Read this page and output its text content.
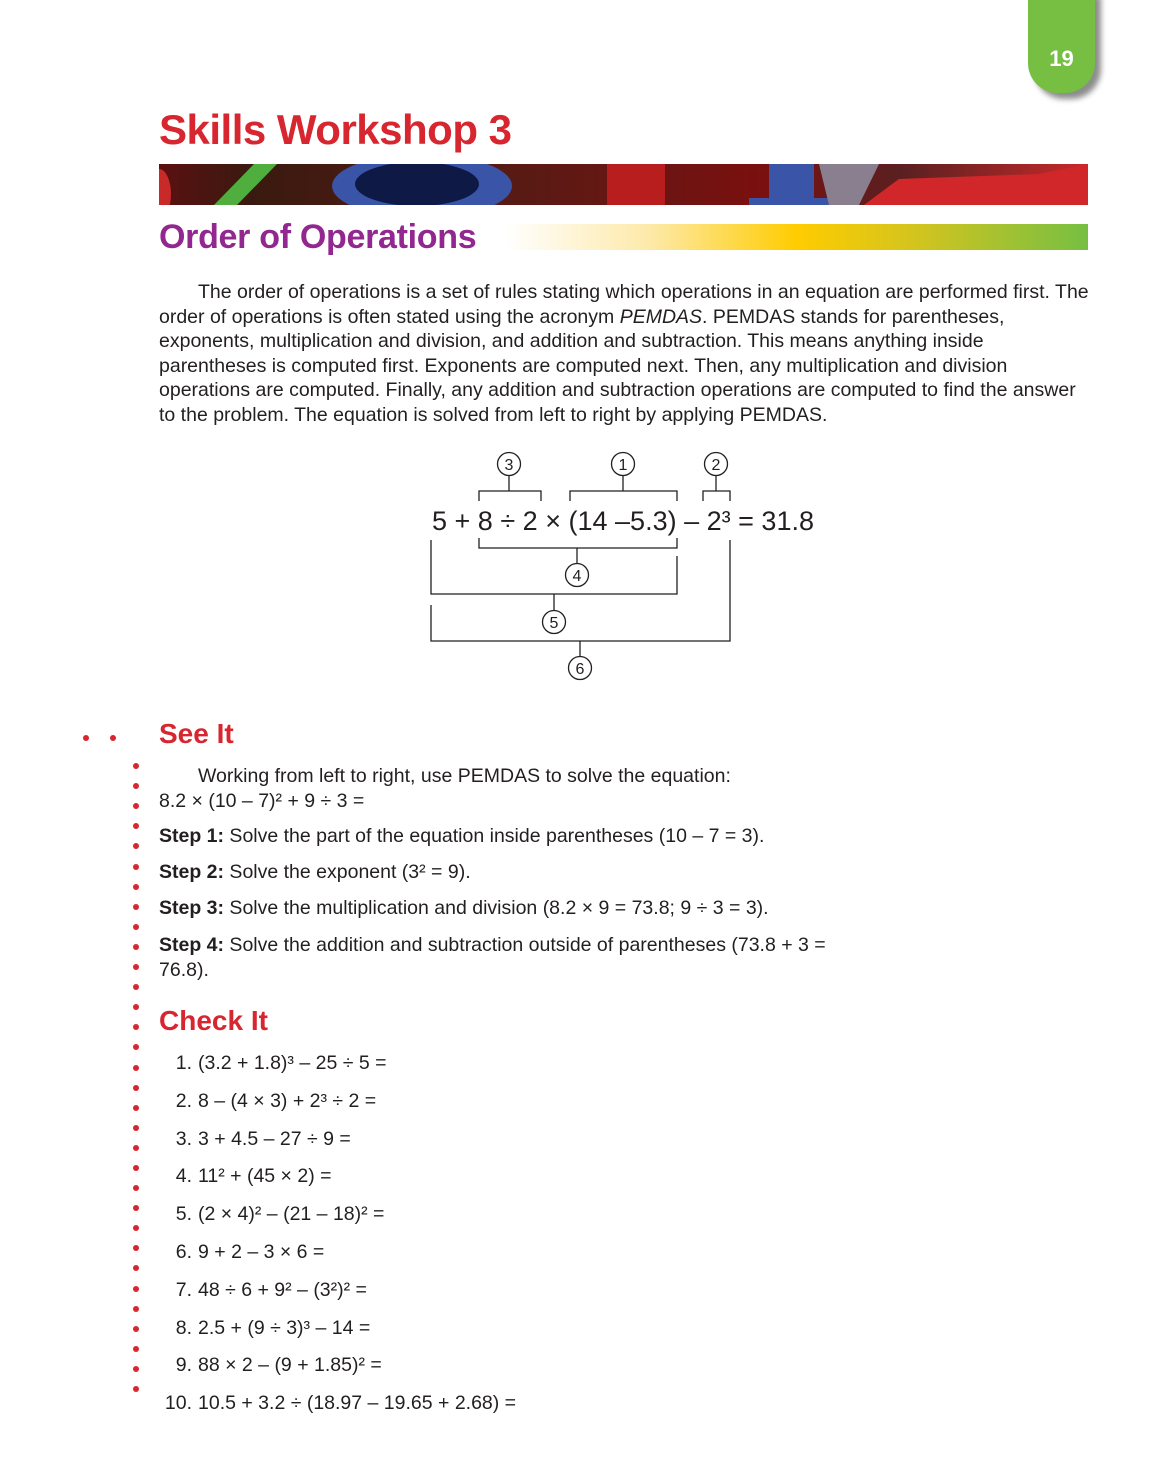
19
Skills Workshop 3
Order of Operations

The order of operations is a set of rules stating which operations in an equation are performed first. The order of operations is often stated using the acronym PEMDAS. PEMDAS stands for parentheses, exponents, multiplication and division, and addition and subtraction. This means anything inside parentheses is computed first. Exponents are computed next. Then, any multiplication and division operations are computed. Finally, any addition and subtraction operations are computed to find the answer to the problem. The equation is solved from left to right by applying PEMDAS.

1	2
3
4
5
6
5 + 8 ÷ 2 × (14 –5.3) – 2³ = 31.8
See It
Working from left to right, use PEMDAS to solve the equation:
8.2 × (10 – 7)² + 9 ÷ 3 =
Step 1: Solve the part of the equation inside parentheses (10 – 7 = 3).
Step 2: Solve the exponent (3² = 9).
Step 3: Solve the multiplication and division (8.2 × 9 = 73.8; 9 ÷ 3 = 3).
Step 4: Solve the addition and subtraction outside of parentheses (73.8 + 3 = 76.8).
Check It
1. (3.2 + 1.8)³ – 25 ÷ 5 =
2. 8 – (4 × 3) + 2³ ÷ 2 =
3. 3 + 4.5 – 27 ÷ 9 =
4. 11² + (45 × 2) =
5. (2 × 4)² – (21 – 18)² =
6. 9 + 2 – 3 × 6 =
7. 48 ÷ 6 + 9² – (3²)² =
8. 2.5 + (9 ÷ 3)³ – 14 =
9. 88 × 2 – (9 + 1.85)² =
10. 10.5 + 3.2 ÷ (18.97 – 19.65 + 2.68) =
